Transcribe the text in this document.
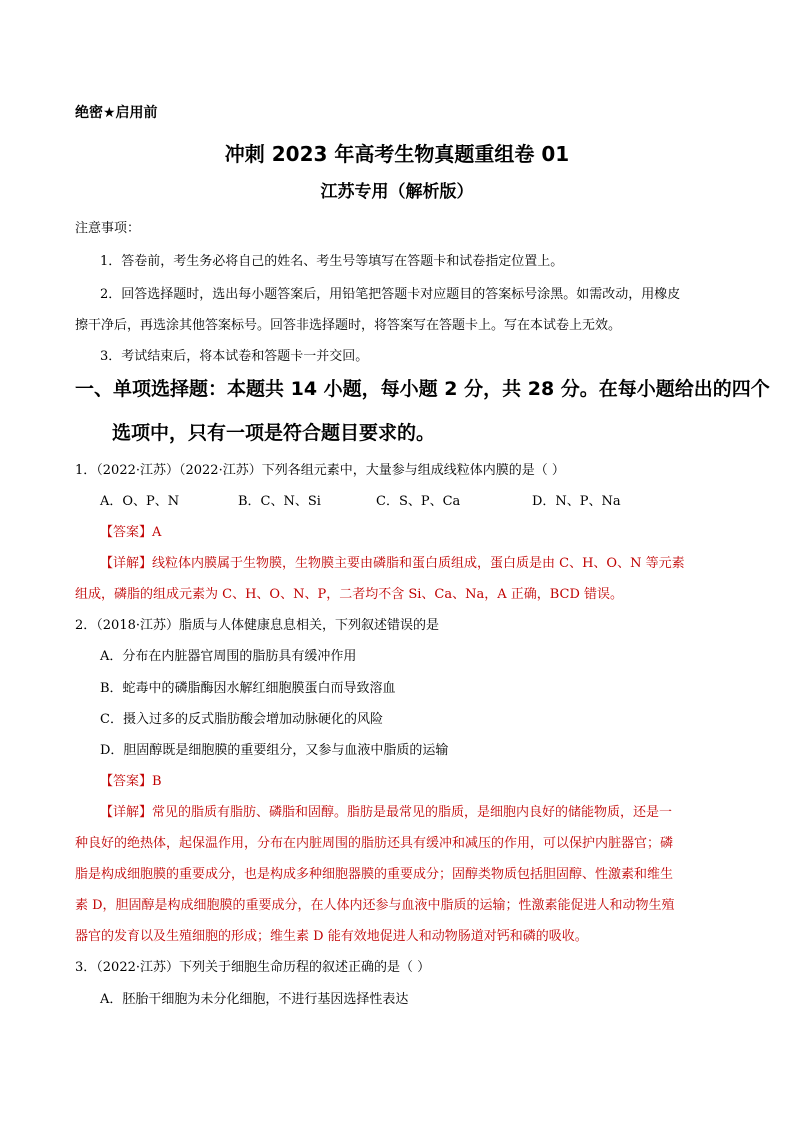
绝密★启用前
冲刺 2023 年高考生物真题重组卷 01
江苏专用（解析版）
注意事项：
1．答卷前，考生务必将自己的姓名、考生号等填写在答题卡和试卷指定位置上。
2．回答选择题时，选出每小题答案后，用铅笔把答题卡对应题目的答案标号涂黑。如需改动，用橡皮
擦干净后，再选涂其他答案标号。回答非选择题时，将答案写在答题卡上。写在本试卷上无效。
3．考试结束后，将本试卷和答题卡一并交回。
一、单项选择题：本题共 14 小题，每小题 2 分，共 28 分。在每小题给出的四个
选项中，只有一项是符合题目要求的。
1．（2022·江苏）（2022·江苏）下列各组元素中，大量参与组成线粒体内膜的是（ ）
A．O、P、N	B．C、N、Si	C．S、P、Ca	D．N、P、Na
【答案】A
【详解】线粒体内膜属于生物膜，生物膜主要由磷脂和蛋白质组成，蛋白质是由 C、H、O、N 等元素
组成，磷脂的组成元素为 C、H、O、N、P，二者均不含 Si、Ca、Na，A 正确，BCD 错误。
2．（2018·江苏）脂质与人体健康息息相关，下列叙述错误的是
A．分布在内脏器官周围的脂肪具有缓冲作用
B．蛇毒中的磷脂酶因水解红细胞膜蛋白而导致溶血
C．摄入过多的反式脂肪酸会增加动脉硬化的风险
D．胆固醇既是细胞膜的重要组分，又参与血液中脂质的运输
【答案】B
【详解】常见的脂质有脂肪、磷脂和固醇。脂肪是最常见的脂质，是细胞内良好的储能物质，还是一
种良好的绝热体，起保温作用，分布在内脏周围的脂肪还具有缓冲和减压的作用，可以保护内脏器官；磷
脂是构成细胞膜的重要成分，也是构成多种细胞器膜的重要成分；固醇类物质包括胆固醇、性激素和维生
素 D，胆固醇是构成细胞膜的重要成分，在人体内还参与血液中脂质的运输；性激素能促进人和动物生殖
器官的发育以及生殖细胞的形成；维生素 D 能有效地促进人和动物肠道对钙和磷的吸收。
3．（2022·江苏）下列关于细胞生命历程的叙述正确的是（ ）
A．胚胎干细胞为未分化细胞，不进行基因选择性表达
